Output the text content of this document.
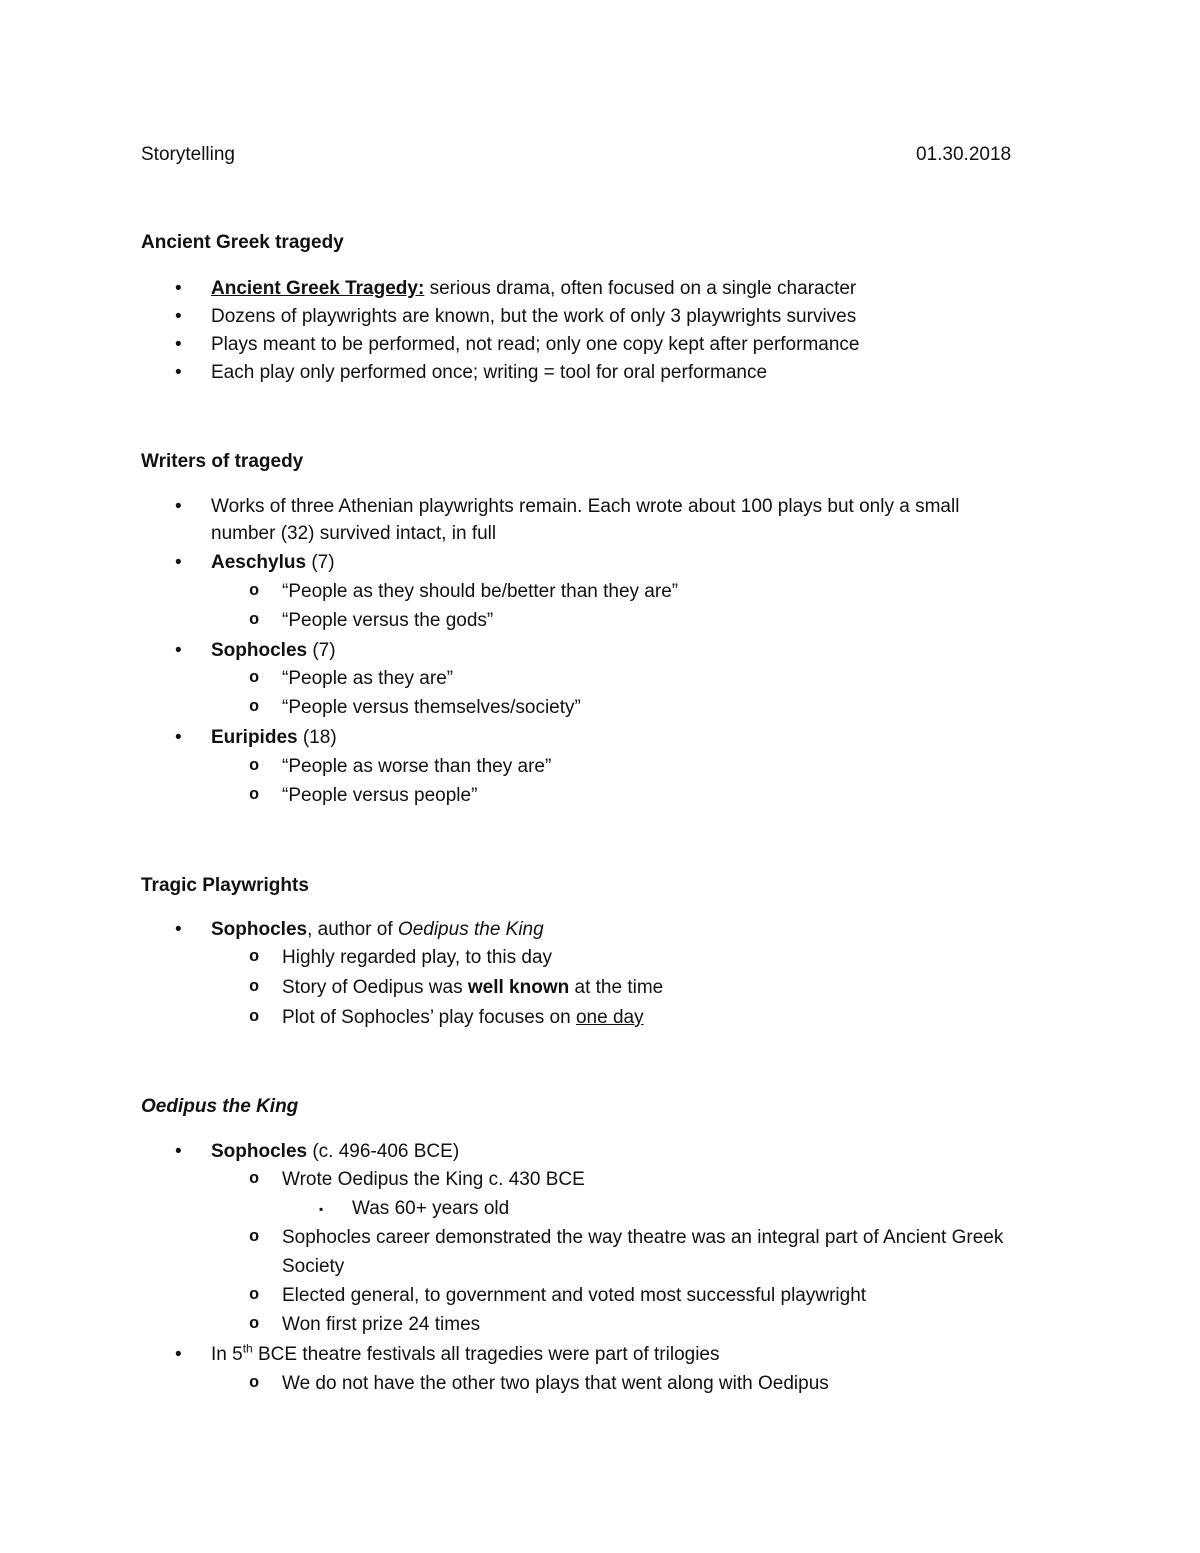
Storytelling	01.30.2018
Ancient Greek tragedy
• Ancient Greek Tragedy: serious drama, often focused on a single character
• Dozens of playwrights are known, but the work of only 3 playwrights survives
• Plays meant to be performed, not read; only one copy kept after performance
• Each play only performed once; writing = tool for oral performance
Writers of tragedy
• Works of three Athenian playwrights remain. Each wrote about 100 plays but only a small
number (32) survived intact, in full
• Aeschylus (7)
o “People as they should be/better than they are”
o “People versus the gods”
• Sophocles (7)
o “People as they are”
o “People versus themselves/society”
• Euripides (18)
o “People as worse than they are”
o “People versus people”
Tragic Playwrights
• Sophocles, author of Oedipus the King
o Highly regarded play, to this day
o Story of Oedipus was well known at the time
o Plot of Sophocles’ play focuses on one day
Oedipus the King
• Sophocles (c. 496-406 BCE)
o Wrote Oedipus the King c. 430 BCE
▪ Was 60+ years old
o Sophocles career demonstrated the way theatre was an integral part of Ancient Greek
Society
o Elected general, to government and voted most successful playwright
o Won first prize 24 times
• In 5th BCE theatre festivals all tragedies were part of trilogies
o We do not have the other two plays that went along with Oedipus
